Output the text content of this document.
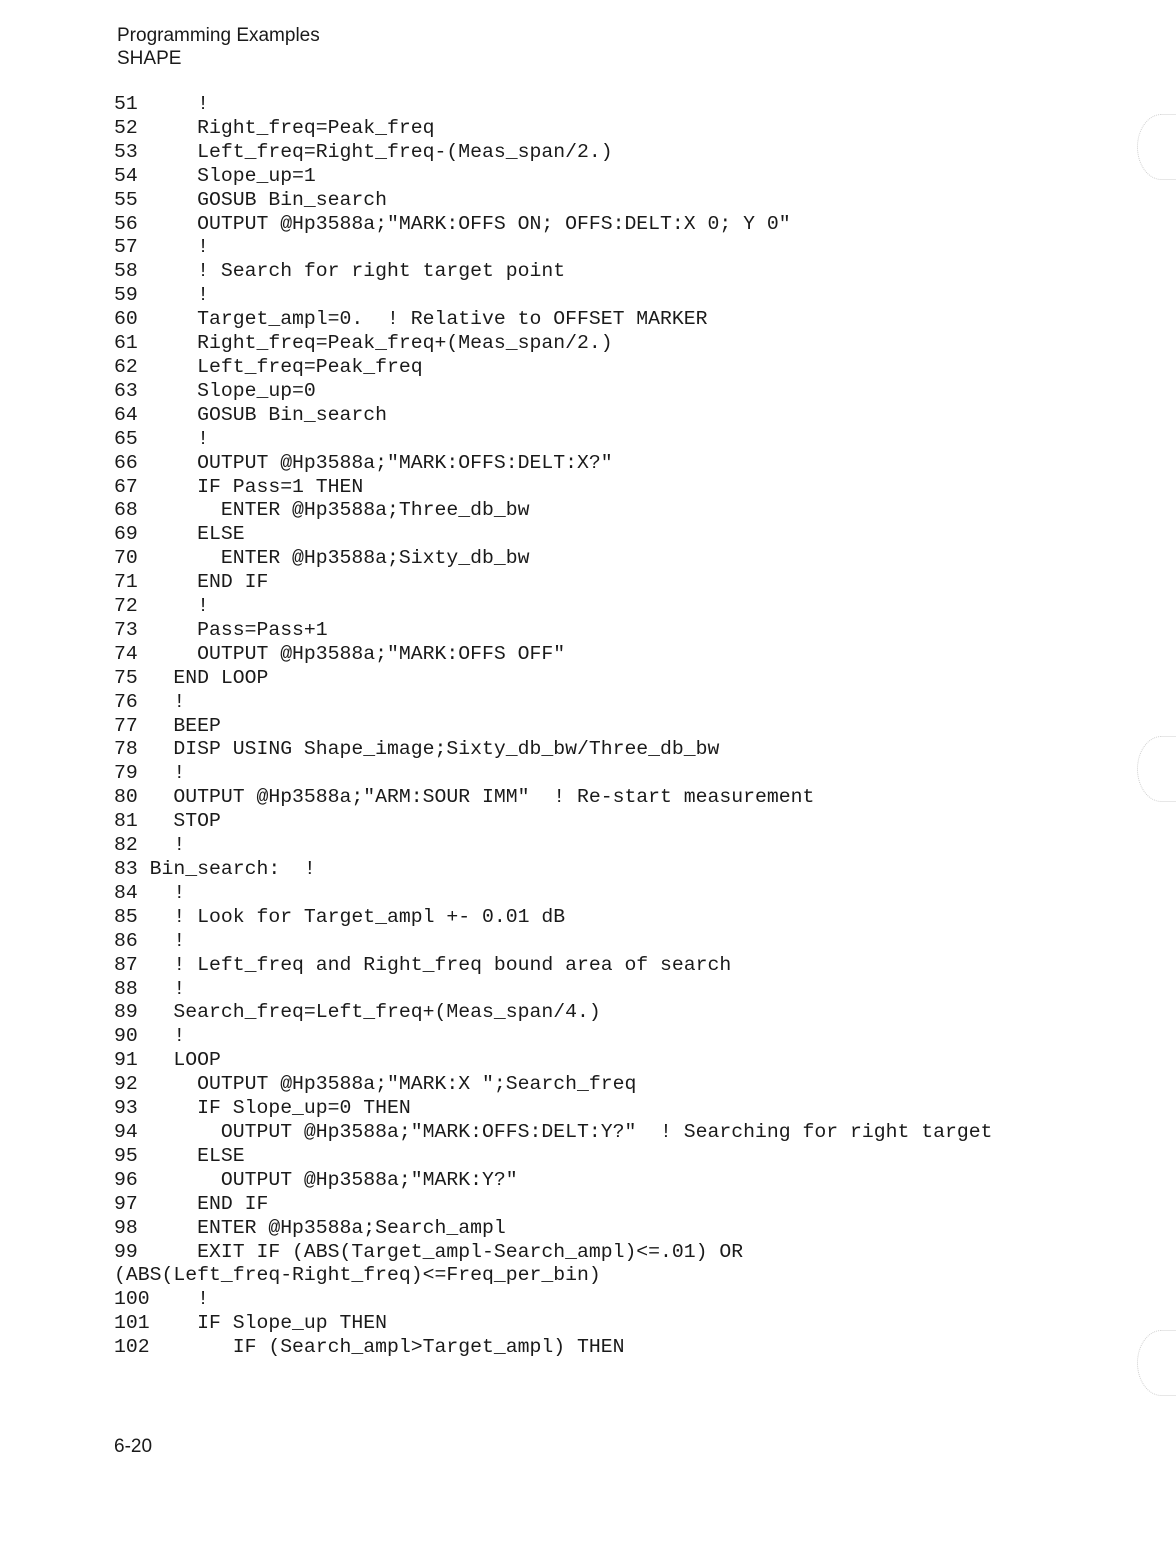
Programming Examples
SHAPE
51     !
52     Right_freq=Peak_freq
53     Left_freq=Right_freq-(Meas_span/2.)
54     Slope_up=1
55     GOSUB Bin_search
56     OUTPUT @Hp3588a;"MARK:OFFS ON; OFFS:DELT:X 0; Y 0"
57     !
58     ! Search for right target point
59     !
60     Target_ampl=0.  ! Relative to OFFSET MARKER
61     Right_freq=Peak_freq+(Meas_span/2.)
62     Left_freq=Peak_freq
63     Slope_up=0
64     GOSUB Bin_search
65     !
66     OUTPUT @Hp3588a;"MARK:OFFS:DELT:X?"
67     IF Pass=1 THEN
68       ENTER @Hp3588a;Three_db_bw
69     ELSE
70       ENTER @Hp3588a;Sixty_db_bw
71     END IF
72     !
73     Pass=Pass+1
74     OUTPUT @Hp3588a;"MARK:OFFS OFF"
75   END LOOP
76   !
77   BEEP
78   DISP USING Shape_image;Sixty_db_bw/Three_db_bw
79   !
80   OUTPUT @Hp3588a;"ARM:SOUR IMM"  ! Re-start measurement
81   STOP
82   !
83 Bin_search:  !
84   !
85   ! Look for Target_ampl +- 0.01 dB
86   !
87   ! Left_freq and Right_freq bound area of search
88   !
89   Search_freq=Left_freq+(Meas_span/4.)
90   !
91   LOOP
92     OUTPUT @Hp3588a;"MARK:X ";Search_freq
93     IF Slope_up=0 THEN
94       OUTPUT @Hp3588a;"MARK:OFFS:DELT:Y?"  ! Searching for right target
95     ELSE
96       OUTPUT @Hp3588a;"MARK:Y?"
97     END IF
98     ENTER @Hp3588a;Search_ampl
99     EXIT IF (ABS(Target_ampl-Search_ampl)<=.01) OR
(ABS(Left_freq-Right_freq)<=Freq_per_bin)
100    !
101    IF Slope_up THEN
102       IF (Search_ampl>Target_ampl) THEN
6-20
